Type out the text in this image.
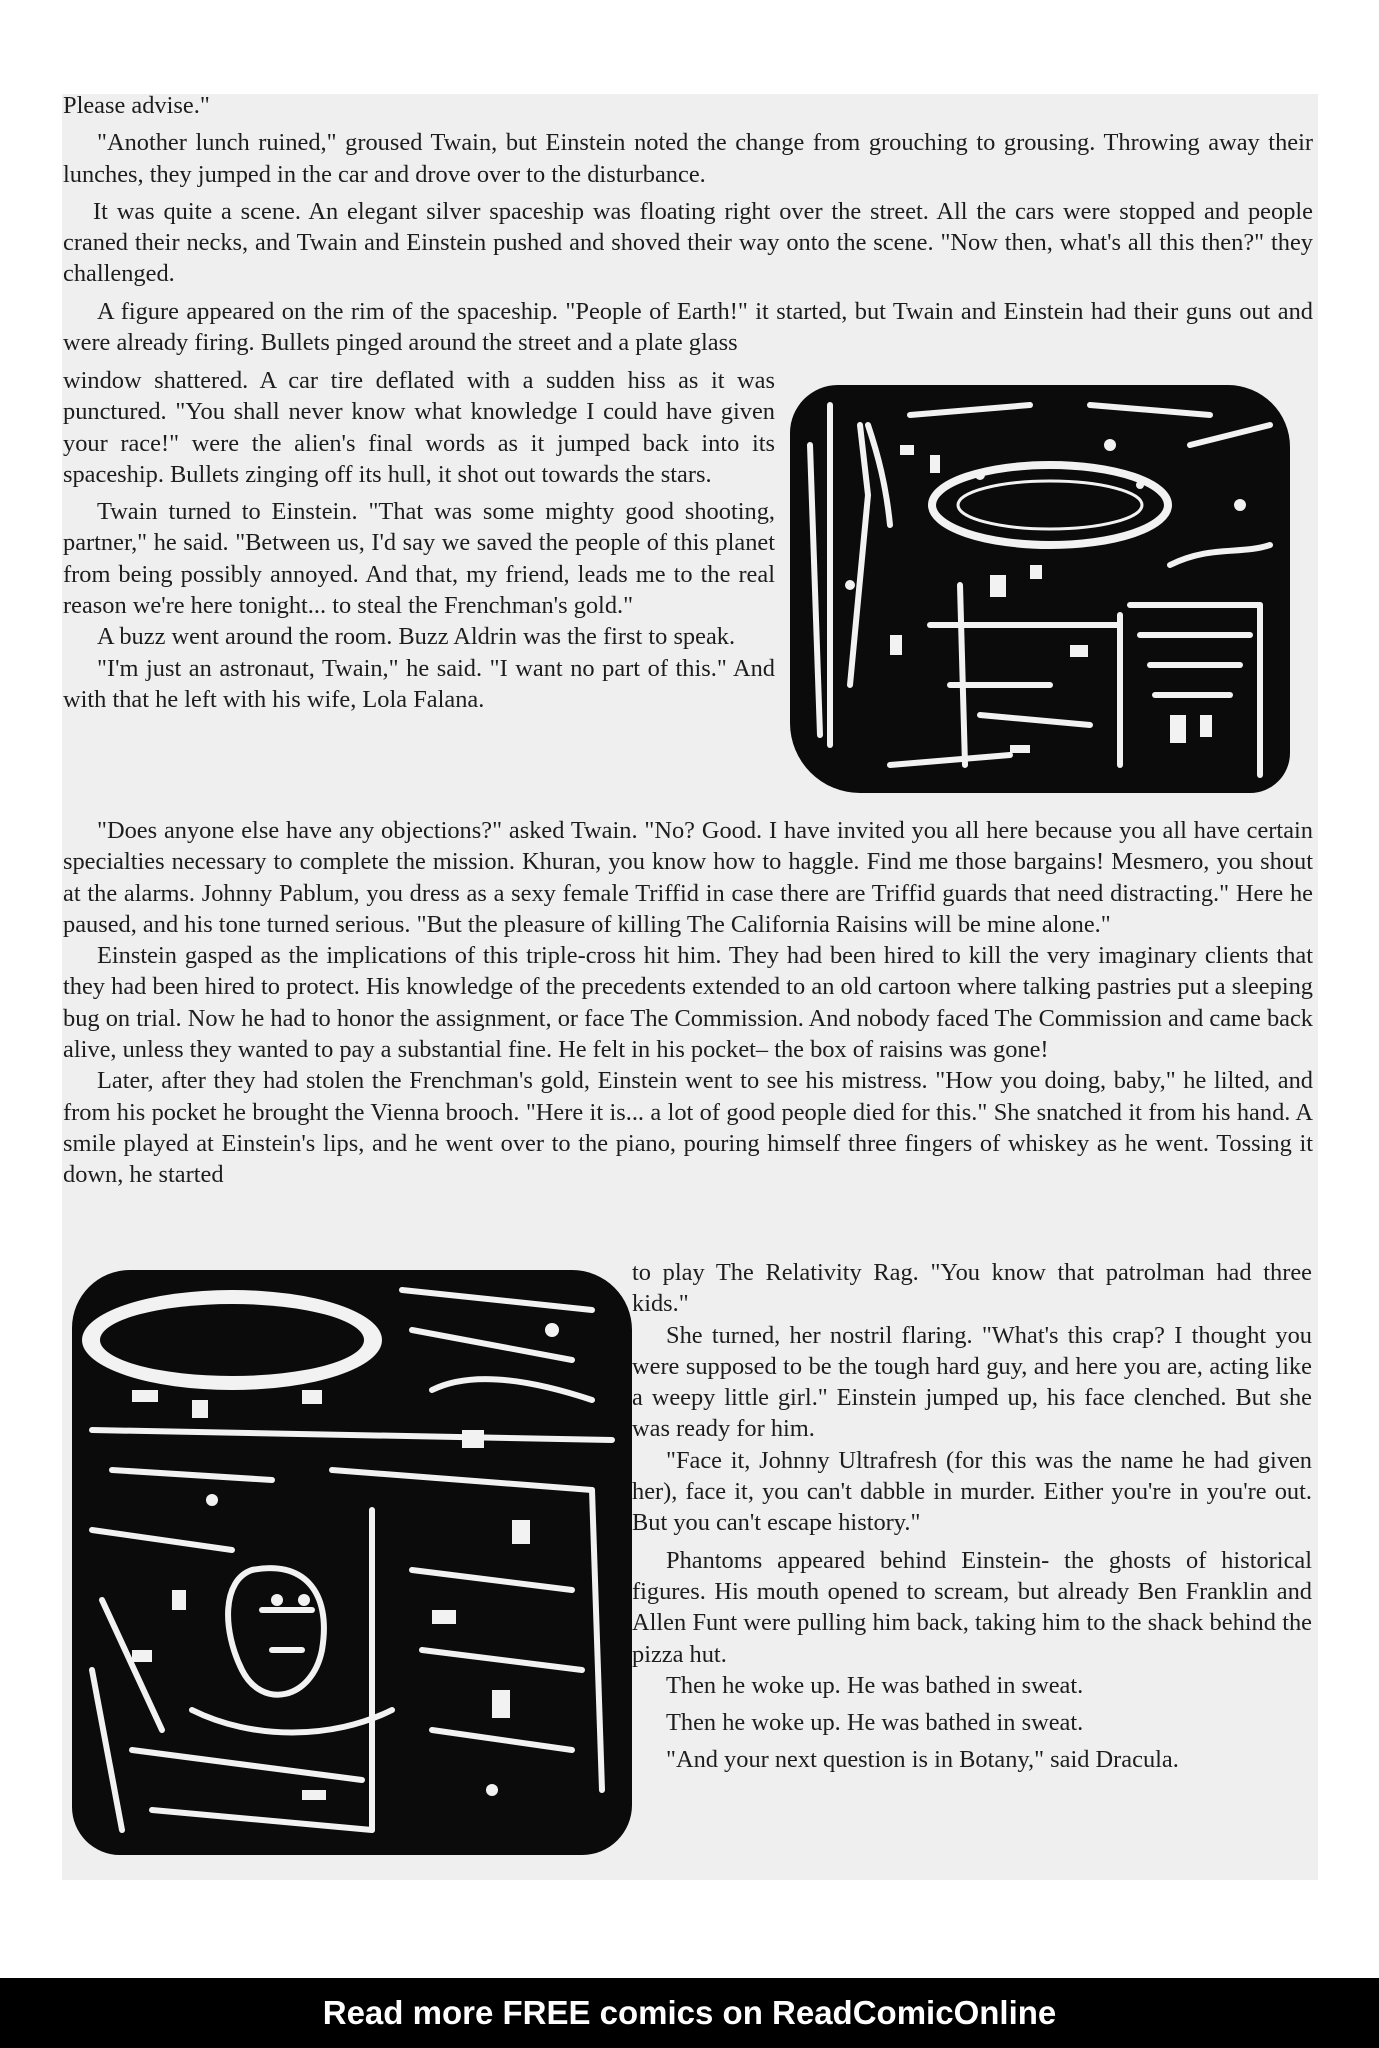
Please advise."

"Another lunch ruined," groused Twain, but Einstein noted the change from grouching to grousing. Throwing away their lunches, they jumped in the car and drove over to the disturbance.

It was quite a scene. An elegant silver spaceship was floating right over the street. All the cars were stopped and people craned their necks, and Twain and Einstein pushed and shoved their way onto the scene. "Now then, what's all this then?" they challenged.

A figure appeared on the rim of the spaceship. "People of Earth!" it started, but Twain and Einstein had their guns out and were already firing. Bullets pinged around the street and a plate glass

window shattered. A car tire deflated with a sudden hiss as it was punctured. "You shall never know what knowledge I could have given your race!" were the alien's final words as it jumped back into its spaceship. Bullets zinging off its hull, it shot out towards the stars.

Twain turned to Einstein. "That was some mighty good shooting, partner," he said. "Between us, I'd say we saved the people of this planet from being possibly annoyed. And that, my friend, leads me to the real reason we're here tonight... to steal the Frenchman's gold."

A buzz went around the room. Buzz Aldrin was the first to speak.

"I'm just an astronaut, Twain," he said. "I want no part of this." And with that he left with his wife, Lola Falana.

"Does anyone else have any objections?" asked Twain. "No? Good. I have invited you all here because you all have certain specialties necessary to complete the mission. Khuran, you know how to haggle. Find me those bargains! Mesmero, you shout at the alarms. Johnny Pablum, you dress as a sexy female Triffid in case there are Triffid guards that need distracting." Here he paused, and his tone turned serious. "But the pleasure of killing The California Raisins will be mine alone."

Einstein gasped as the implications of this triple-cross hit him. They had been hired to kill the very imaginary clients that they had been hired to protect. His knowledge of the precedents extended to an old cartoon where talking pastries put a sleeping bug on trial. Now he had to honor the assignment, or face The Commission. And nobody faced The Commission and came back alive, unless they wanted to pay a substantial fine. He felt in his pocket– the box of raisins was gone!

Later, after they had stolen the Frenchman's gold, Einstein went to see his mistress. "How you doing, baby," he lilted, and from his pocket he brought the Vienna brooch. "Here it is... a lot of good people died for this." She snatched it from his hand. A smile played at Einstein's lips, and he went over to the piano, pouring himself three fingers of whiskey as he went. Tossing it down, he started

to play The Relativity Rag. "You know that patrolman had three kids."

She turned, her nostril flaring. "What's this crap? I thought you were supposed to be the tough hard guy, and here you are, acting like a weepy little girl." Einstein jumped up, his face clenched. But she was ready for him.

"Face it, Johnny Ultrafresh (for this was the name he had given her), face it, you can't dabble in murder. Either you're in you're out. But you can't escape history."

Phantoms appeared behind Einstein- the ghosts of historical figures. His mouth opened to scream, but already Ben Franklin and Allen Funt were pulling him back, taking him to the shack behind the pizza hut.

Then he woke up. He was bathed in sweat.

Then he woke up. He was bathed in sweat.

"And your next question is in Botany," said Dracula.

Read more FREE comics on ReadComicOnline
